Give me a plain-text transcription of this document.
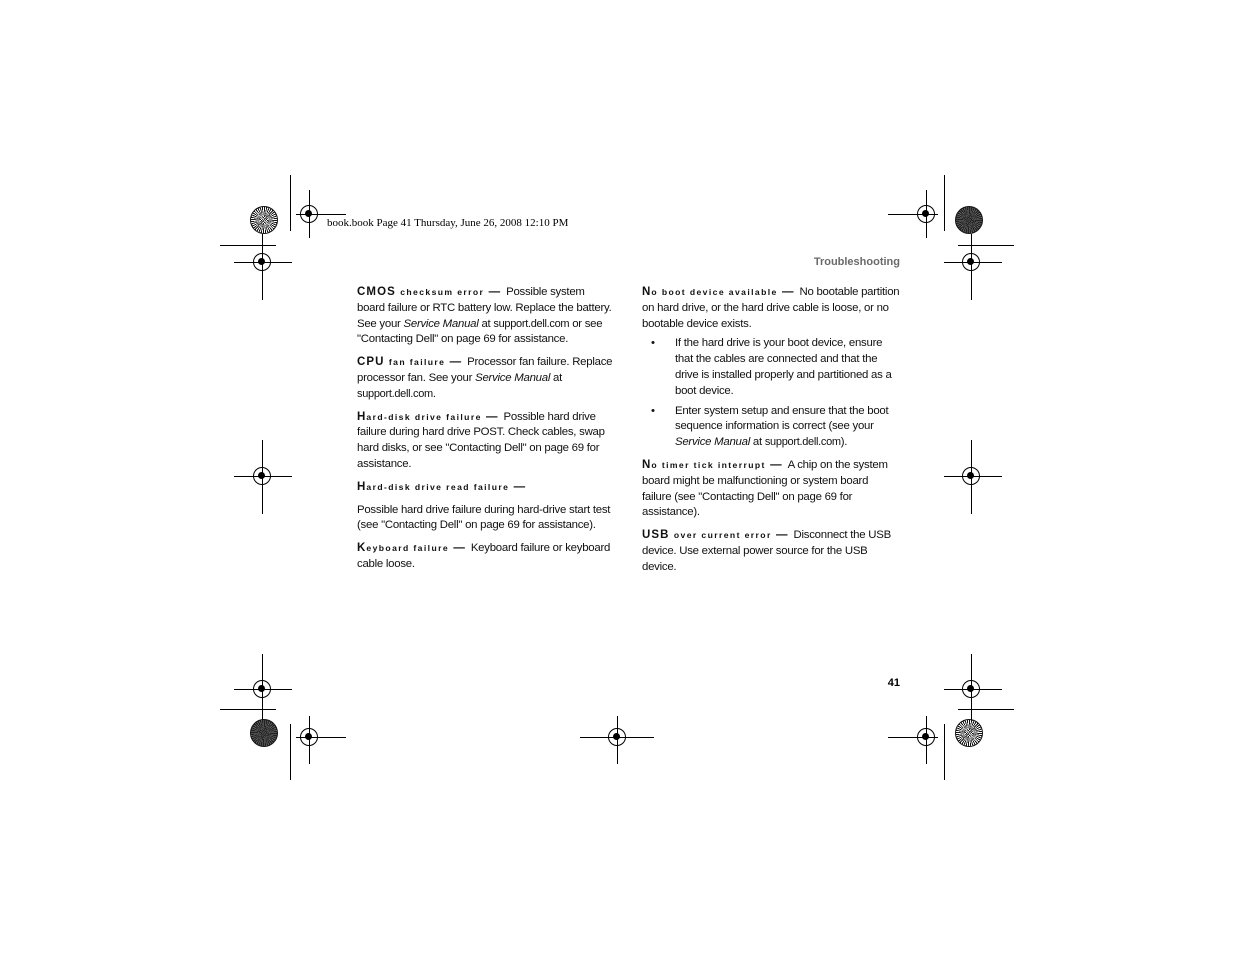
book.book Page 41 Thursday, June 26, 2008 12:10 PM
Troubleshooting
CMOS checksum error — Possible system board failure or RTC battery low. Replace the battery. See your Service Manual at support.dell.com or see "Contacting Dell" on page 69 for assistance.
CPU fan failure — Processor fan failure. Replace processor fan. See your Service Manual at support.dell.com.
Hard-disk drive failure — Possible hard drive failure during hard drive POST. Check cables, swap hard disks, or see "Contacting Dell" on page 69 for assistance.
Hard-disk drive read failure —
Possible hard drive failure during hard-drive start test (see "Contacting Dell" on page 69 for assistance).
Keyboard failure — Keyboard failure or keyboard cable loose.
No boot device available — No bootable partition on hard drive, or the hard drive cable is loose, or no bootable device exists.
• If the hard drive is your boot device, ensure that the cables are connected and that the drive is installed properly and partitioned as a boot device.
• Enter system setup and ensure that the boot sequence information is correct (see your Service Manual at support.dell.com).
No timer tick interrupt — A chip on the system board might be malfunctioning or system board failure (see "Contacting Dell" on page 69 for assistance).
USB over current error — Disconnect the USB device. Use external power source for the USB device.
41
